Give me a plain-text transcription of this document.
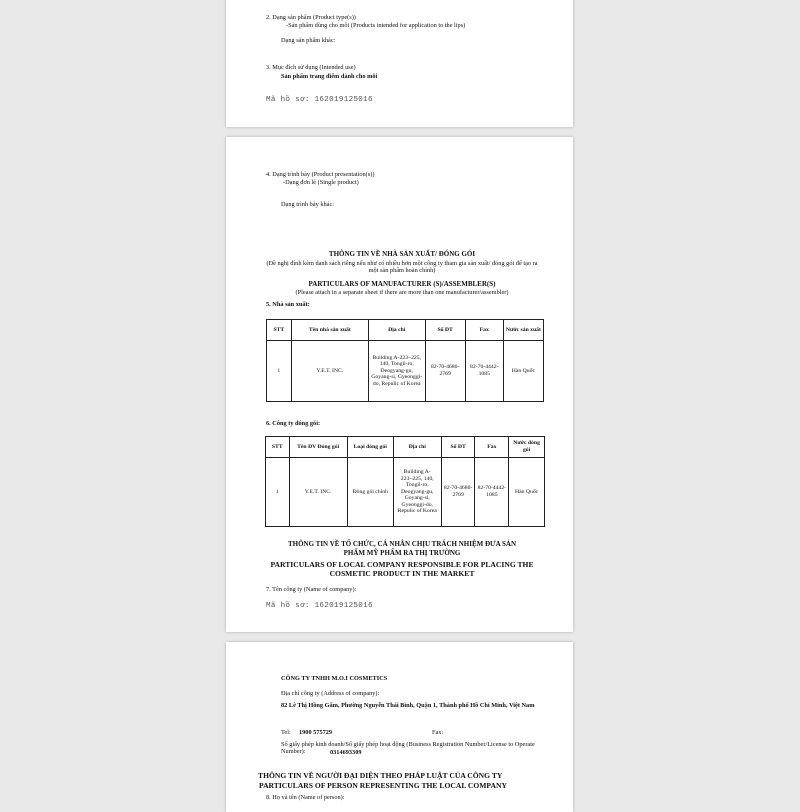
2. Dạng sản phẩm (Product type(s))
-Sản phẩm dùng cho môi (Products intended for application to the lips)
Dạng sản phẩm khác:
3. Mục đích sử dụng (Intended use)
Sản phẩm trang điểm dành cho môi
Mã hồ sơ: 162019125016
4. Dạng trình bày (Product presentation(s))
-Dạng đơn lẻ (Single product)
Dạng trình bày khác:
THÔNG TIN VỀ NHÀ SẢN XUẤT/ ĐÓNG GÓI
(Đề nghị đính kèm danh sách riêng nếu như có nhiều hơn một công ty tham gia sản xuất/ đóng gói để tạo ra một sản phẩm hoàn chỉnh)
PARTICULARS OF MANUFACTURER (S)/ASSEMBLER(S)
(Please attach in a separate sheet if there are more than one manufacturer/assembler)
5. Nhà sản xuất:
STT	Tên nhà sản xuất	Địa chỉ	Số ĐT	Fax	Nước sản xuất
1	Y.E.T. INC.	Building A-223~225, 140, Tongil-ro, Deogyang-gu, Goyang-si, Gyeonggi-do, Repulic of Korea	82-70-4680-2769	82-70-4442-1085	Hàn Quốc
6. Công ty đóng gói:
STT	Tên ĐV Đóng gói	Loại đóng gói	Địa chỉ	Số ĐT	Fax	Nước đóng gói
1	Y.E.T. INC.	Đóng gói chính	Building A-223~225, 140, Tongil-ro, Deogyang-gu, Goyang-si, Gyeonggi-do, Repulic of Korea	82-70-4680-2769	82-70-4442-1085	Hàn Quốc
THÔNG TIN VỀ TỔ CHỨC, CÁ NHÂN CHỊU TRÁCH NHIỆM ĐƯA SẢN PHẨM MỸ PHẨM RA THỊ TRƯỜNG
PARTICULARS OF LOCAL COMPANY RESPONSIBLE FOR PLACING THE COSMETIC PRODUCT IN THE MARKET
7. Tên công ty (Name of company):
Mã hồ sơ: 162019125016
CÔNG TY TNHH M.O.I COSMETICS
Địa chỉ công ty (Address of company):
82 Lê Thị Hồng Gấm, Phường Nguyễn Thái Bình, Quận 1, Thành phố Hồ Chí Minh, Việt Nam
Tel: 1900 575729	Fax:
Số giấy phép kinh doanh/Số giấy phép hoạt động (Business Registration Number/License to Operate Number):	0314693309
THÔNG TIN VỀ NGƯỜI ĐẠI DIỆN THEO PHÁP LUẬT CỦA CÔNG TY
PARTICULARS OF PERSON REPRESENTING THE LOCAL COMPANY
8. Họ và tên (Name of person):
